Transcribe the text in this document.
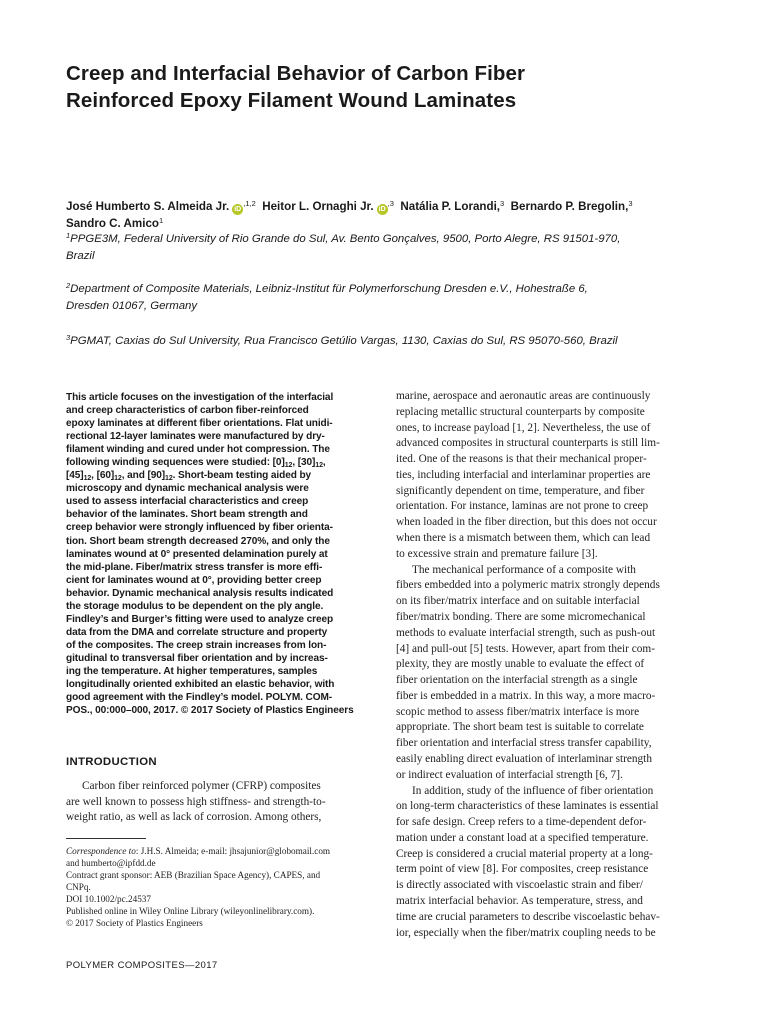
Creep and Interfacial Behavior of Carbon Fiber
Reinforced Epoxy Filament Wound Laminates
José Humberto S. Almeida Jr. $iD^{,1,2}$ Heitor L. Ornaghi Jr. $iD^{,3}$ Natália P. Lorandi,$^3$ Bernardo P. Bregolin,$^3$
Sandro C. Amico$^1$
$^1$PPGE3M, Federal University of Rio Grande do Sul, Av. Bento Gonçalves, 9500, Porto Alegre, RS 91501-970,
Brazil
$^2$Department of Composite Materials, Leibniz-Institut für Polymerforschung Dresden e.V., Hohestraße 6,
Dresden 01067, Germany
$^3$PGMAT, Caxias do Sul University, Rua Francisco Getúlio Vargas, 1130, Caxias do Sul, RS 95070-560, Brazil
This article focuses on the investigation of the interfacial
and creep characteristics of carbon fiber-reinforced
epoxy laminates at different fiber orientations. Flat unidi-
rectional 12-layer laminates were manufactured by dry-
filament winding and cured under hot compression. The
following winding sequences were studied: $[0]_{12}$, $[30]_{12}$,
$[45]_{12}$, $[60]_{12}$, and $[90]_{12}$. Short-beam testing aided by
microscopy and dynamic mechanical analysis were
used to assess interfacial characteristics and creep
behavior of the laminates. Short beam strength and
creep behavior were strongly influenced by fiber orienta-
tion. Short beam strength decreased 270%, and only the
laminates wound at 0° presented delamination purely at
the mid-plane. Fiber/matrix stress transfer is more effi-
cient for laminates wound at 0°, providing better creep
behavior. Dynamic mechanical analysis results indicated
the storage modulus to be dependent on the ply angle.
Findley’s and Burger’s fitting were used to analyze creep
data from the DMA and correlate structure and property
of the composites. The creep strain increases from lon-
gitudinal to transversal fiber orientation and by increas-
ing the temperature. At higher temperatures, samples
longitudinally oriented exhibited an elastic behavior, with
good agreement with the Findley’s model. POLYM. COM-
POS., 00:000–000, 2017. © 2017 Society of Plastics Engineers
INTRODUCTION
Carbon fiber reinforced polymer (CFRP) composites
are well known to possess high stiffness- and strength-to-
weight ratio, as well as lack of corrosion. Among others,
Correspondence to: J.H.S. Almeida; e-mail: jhsajunior@globomail.com
and humberto@ipfdd.de
Contract grant sponsor: AEB (Brazilian Space Agency), CAPES, and
CNPq.
DOI 10.1002/pc.24537
Published online in Wiley Online Library (wileyonlinelibrary.com).
© 2017 Society of Plastics Engineers
marine, aerospace and aeronautic areas are continuously
replacing metallic structural counterparts by composite
ones, to increase payload [1, 2]. Nevertheless, the use of
advanced composites in structural counterparts is still lim-
ited. One of the reasons is that their mechanical proper-
ties, including interfacial and interlaminar properties are
significantly dependent on time, temperature, and fiber
orientation. For instance, laminas are not prone to creep
when loaded in the fiber direction, but this does not occur
when there is a mismatch between them, which can lead
to excessive strain and premature failure [3].
The mechanical performance of a composite with
fibers embedded into a polymeric matrix strongly depends
on its fiber/matrix interface and on suitable interfacial
fiber/matrix bonding. There are some micromechanical
methods to evaluate interfacial strength, such as push-out
[4] and pull-out [5] tests. However, apart from their com-
plexity, they are mostly unable to evaluate the effect of
fiber orientation on the interfacial strength as a single
fiber is embedded in a matrix. In this way, a more macro-
scopic method to assess fiber/matrix interface is more
appropriate. The short beam test is suitable to correlate
fiber orientation and interfacial stress transfer capability,
easily enabling direct evaluation of interlaminar strength
or indirect evaluation of interfacial strength [6, 7].
In addition, study of the influence of fiber orientation
on long-term characteristics of these laminates is essential
for safe design. Creep refers to a time-dependent defor-
mation under a constant load at a specified temperature.
Creep is considered a crucial material property at a long-
term point of view [8]. For composites, creep resistance
is directly associated with viscoelastic strain and fiber/
matrix interfacial behavior. As temperature, stress, and
time are crucial parameters to describe viscoelastic behav-
ior, especially when the fiber/matrix coupling needs to be
POLYMER COMPOSITES—2017
